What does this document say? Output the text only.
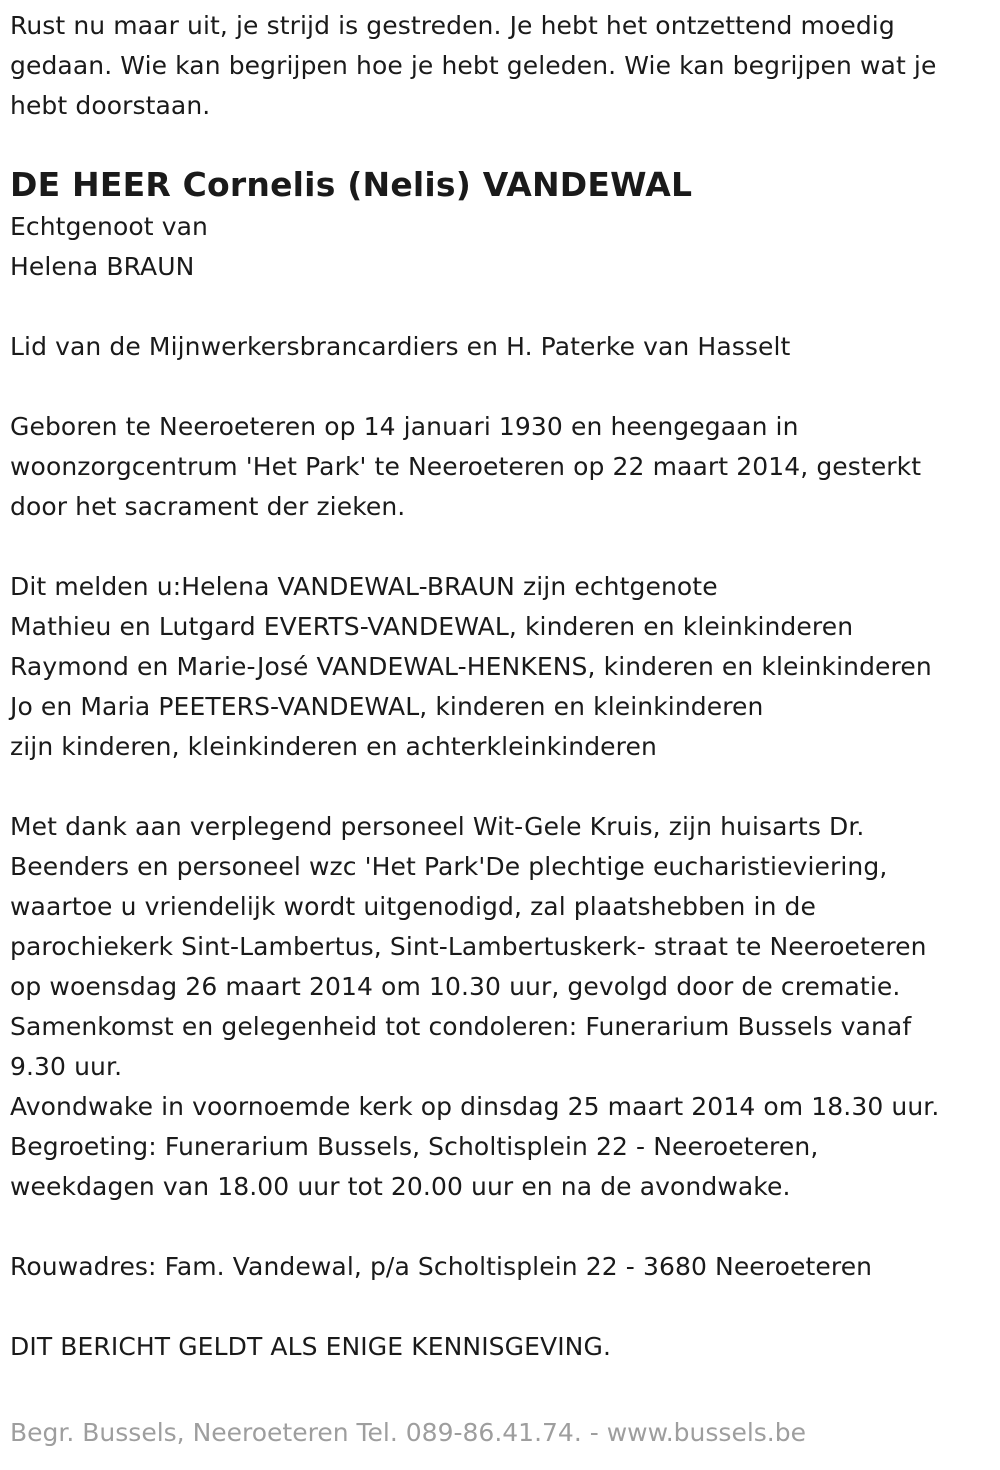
Rust nu maar uit, je strijd is gestreden. Je hebt het ontzettend moedig
gedaan. Wie kan begrijpen hoe je hebt geleden. Wie kan begrijpen wat je
hebt doorstaan.
DE HEER Cornelis (Nelis) VANDEWAL
Echtgenoot van
Helena BRAUN
Lid van de Mijnwerkersbrancardiers en H. Paterke van Hasselt
Geboren te Neeroeteren op 14 januari 1930 en heengegaan in
woonzorgcentrum 'Het Park' te Neeroeteren op 22 maart 2014, gesterkt
door het sacrament der zieken.
Dit melden u:Helena VANDEWAL-BRAUN zijn echtgenote
Mathieu en Lutgard EVERTS-VANDEWAL, kinderen en kleinkinderen
Raymond en Marie-José VANDEWAL-HENKENS, kinderen en kleinkinderen
Jo en Maria PEETERS-VANDEWAL, kinderen en kleinkinderen
zijn kinderen, kleinkinderen en achterkleinkinderen
Met dank aan verplegend personeel Wit-Gele Kruis, zijn huisarts Dr.
Beenders en personeel wzc 'Het Park'De plechtige eucharistieviering,
waartoe u vriendelijk wordt uitgenodigd, zal plaatshebben in de
parochiekerk Sint-Lambertus, Sint-Lambertuskerk- straat te Neeroeteren
op woensdag 26 maart 2014 om 10.30 uur, gevolgd door de crematie.
Samenkomst en gelegenheid tot condoleren: Funerarium Bussels vanaf
9.30 uur.
Avondwake in voornoemde kerk op dinsdag 25 maart 2014 om 18.30 uur.
Begroeting: Funerarium Bussels, Scholtisplein 22 - Neeroeteren,
weekdagen van 18.00 uur tot 20.00 uur en na de avondwake.
Rouwadres: Fam. Vandewal, p/a Scholtisplein 22 - 3680 Neeroeteren
DIT BERICHT GELDT ALS ENIGE KENNISGEVING.
Begr. Bussels, Neeroeteren Tel. 089-86.41.74. - www.bussels.be
